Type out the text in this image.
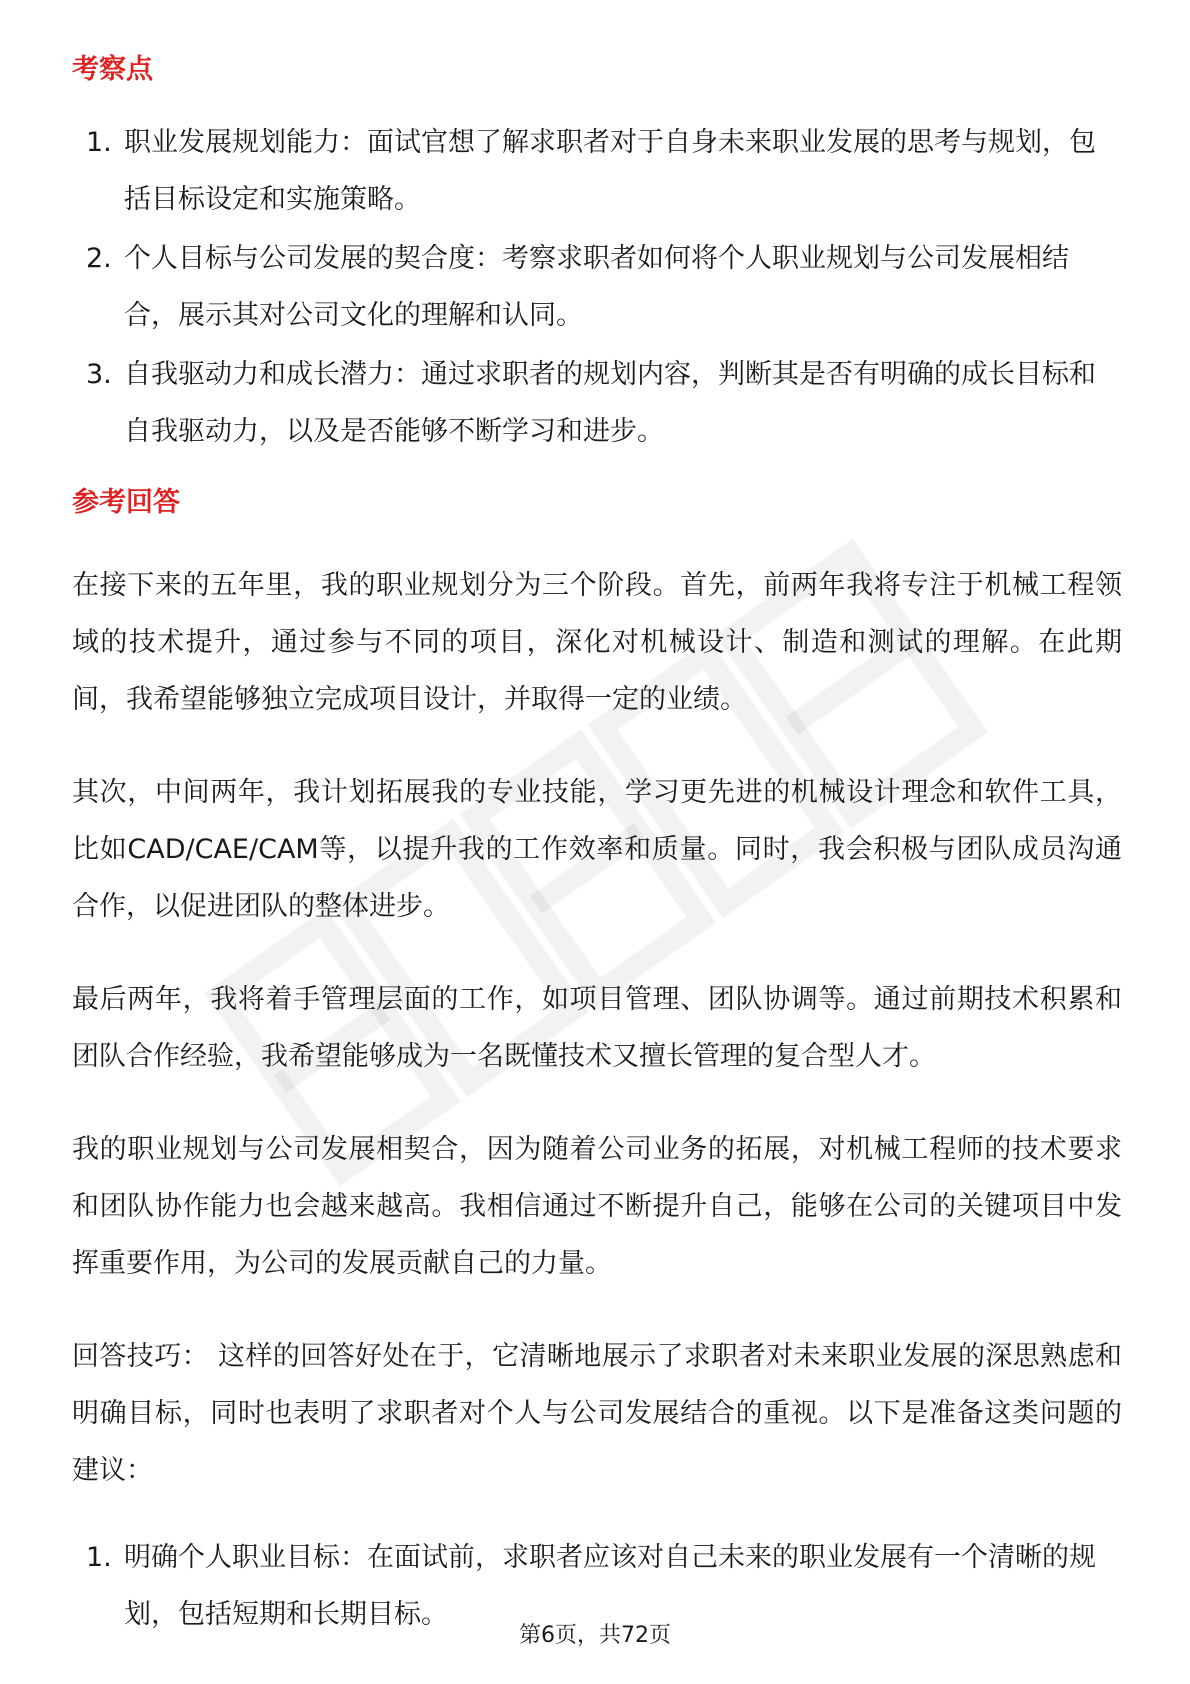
考察点
1. 职业发展规划能力：面试官想了解求职者对于自身未来职业发展的思考与规划，包括目标设定和实施策略。
2. 个人目标与公司发展的契合度：考察求职者如何将个人职业规划与公司发展相结合，展示其对公司文化的理解和认同。
3. 自我驱动力和成长潜力：通过求职者的规划内容，判断其是否有明确的成长目标和自我驱动力，以及是否能够不断学习和进步。
参考回答

在接下来的五年里，我的职业规划分为三个阶段。首先，前两年我将专注于机械工程领域的技术提升，通过参与不同的项目，深化对机械设计、制造和测试的理解。在此期间，我希望能够独立完成项目设计，并取得一定的业绩。

其次，中间两年，我计划拓展我的专业技能，学习更先进的机械设计理念和软件工具，比如CAD/CAE/CAM等，以提升我的工作效率和质量。同时，我会积极与团队成员沟通合作，以促进团队的整体进步。

最后两年，我将着手管理层面的工作，如项目管理、团队协调等。通过前期技术积累和团队合作经验，我希望能够成为一名既懂技术又擅长管理的复合型人才。

我的职业规划与公司发展相契合，因为随着公司业务的拓展，对机械工程师的技术要求和团队协作能力也会越来越高。我相信通过不断提升自己，能够在公司的关键项目中发挥重要作用，为公司的发展贡献自己的力量。

回答技巧： 这样的回答好处在于，它清晰地展示了求职者对未来职业发展的深思熟虑和明确目标，同时也表明了求职者对个人与公司发展结合的重视。以下是准备这类问题的建议：

1. 明确个人职业目标：在面试前，求职者应该对自己未来的职业发展有一个清晰的规划，包括短期和长期目标。
第6页，共72页
